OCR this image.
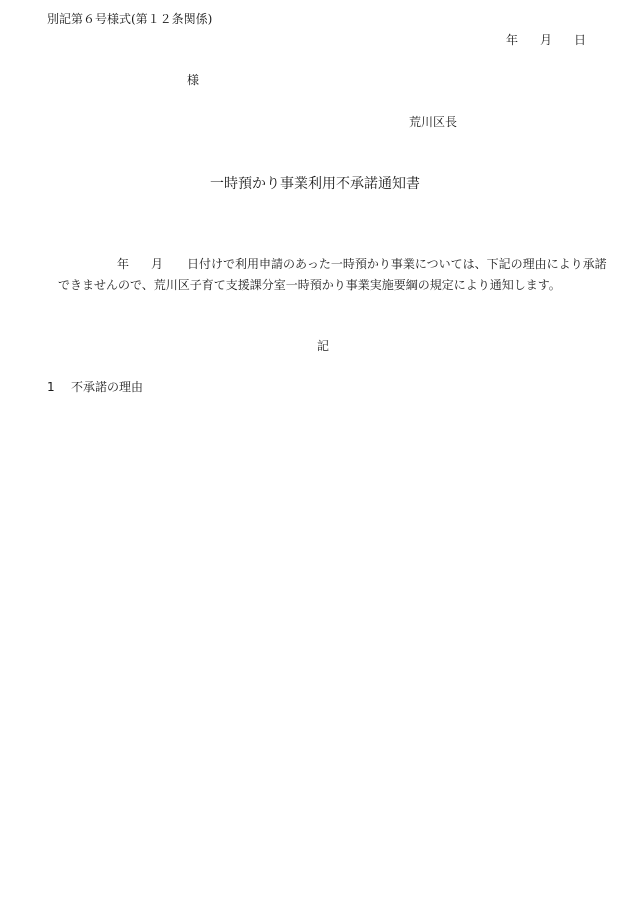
別記第６号様式(第１２条関係)
年 月 日
様
荒川区長
一時預かり事業利用不承諾通知書
年 月 日付けで利用申請のあった一時預かり事業については、下記の理由により承諾
できませんので、荒川区子育て支援課分室一時預かり事業実施要綱の規定により通知します。
記
1 不承諾の理由
